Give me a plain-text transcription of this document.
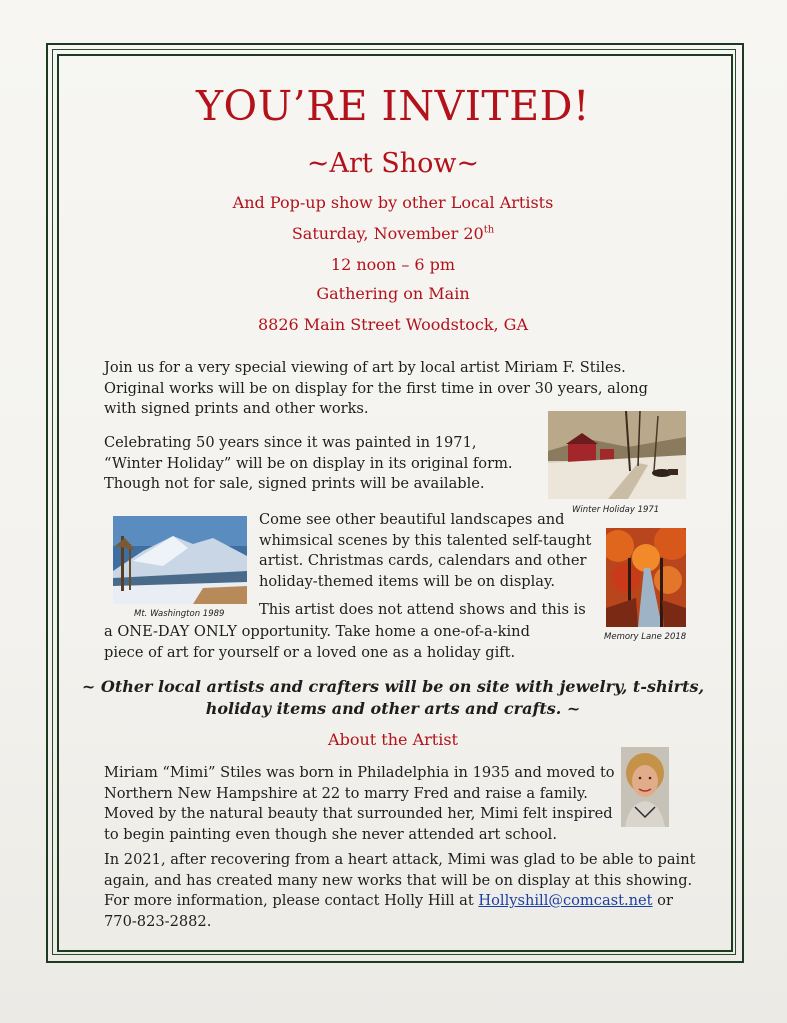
YOU’RE INVITED!
~Art Show~
And Pop-up show by other Local Artists
Saturday, November 20th
12 noon – 6 pm
Gathering on Main
8826 Main Street Woodstock, GA
Join us for a very special viewing of art by local artist Miriam F. Stiles.
Original works will be on display for the first time in over 30 years, along
with signed prints and other works.
Celebrating 50 years since it was painted in 1971,
“Winter Holiday” will be on display in its original form.
Though not for sale, signed prints will be available.
Winter Holiday 1971
Mt. Washington 1989
Come see other beautiful landscapes and
whimsical scenes by this talented self-taught
artist. Christmas cards, calendars and other
holiday-themed items will be on display.
Memory Lane 2018
This artist does not attend shows and this is
a ONE-DAY ONLY opportunity. Take home a one-of-a-kind
piece of art for yourself or a loved one as a holiday gift.
~ Other local artists and crafters will be on site with jewelry, t-shirts,
holiday items and other arts and crafts. ~
About the Artist
Miriam “Mimi” Stiles was born in Philadelphia in 1935 and moved to
Northern New Hampshire at 22 to marry Fred and raise a family.
Moved by the natural beauty that surrounded her, Mimi felt inspired
to begin painting even though she never attended art school.
In 2021, after recovering from a heart attack, Mimi was glad to be able to paint
again, and has created many new works that will be on display at this showing.
For more information, please contact Holly Hill at Hollyshill@comcast.net or
770-823-2882.
